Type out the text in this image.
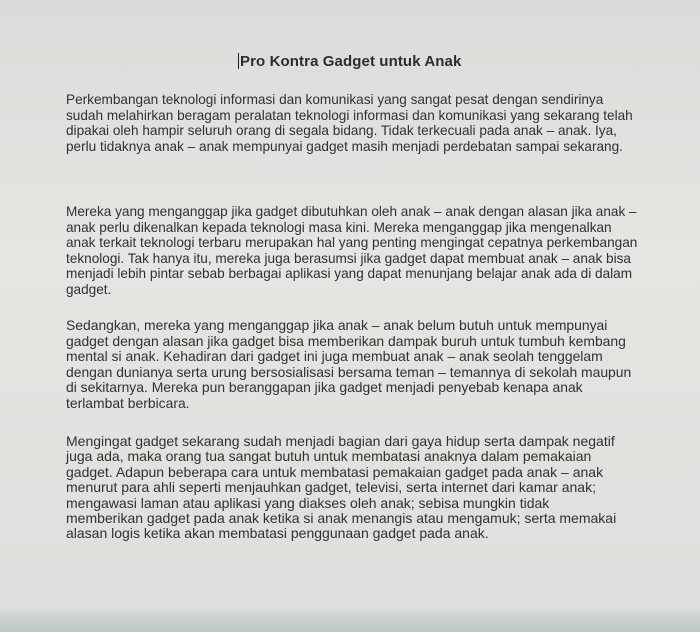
Pro Kontra Gadget untuk Anak

Perkembangan teknologi informasi dan komunikasi yang sangat pesat dengan sendirinya sudah melahirkan beragam peralatan teknologi informasi dan komunikasi yang sekarang telah dipakai oleh hampir seluruh orang di segala bidang. Tidak terkecuali pada anak – anak. Iya, perlu tidaknya anak – anak mempunyai gadget masih menjadi perdebatan sampai sekarang.

Mereka yang menganggap jika gadget dibutuhkan oleh anak – anak dengan alasan jika anak – anak perlu dikenalkan kepada teknologi masa kini. Mereka menganggap jika mengenalkan anak terkait teknologi terbaru merupakan hal yang penting mengingat cepatnya perkembangan teknologi. Tak hanya itu, mereka juga berasumsi jika gadget dapat membuat anak – anak bisa menjadi lebih pintar sebab berbagai aplikasi yang dapat menunjang belajar anak ada di dalam gadget.

Sedangkan, mereka yang menganggap jika anak – anak belum butuh untuk mempunyai gadget dengan alasan jika gadget bisa memberikan dampak buruh untuk tumbuh kembang mental si anak. Kehadiran dari gadget ini juga membuat anak – anak seolah tenggelam dengan dunianya serta urung bersosialisasi bersama teman – temannya di sekolah maupun di sekitarnya. Mereka pun beranggapan jika gadget menjadi penyebab kenapa anak terlambat berbicara.

Mengingat gadget sekarang sudah menjadi bagian dari gaya hidup serta dampak negatif juga ada, maka orang tua sangat butuh untuk membatasi anaknya dalam pemakaian gadget. Adapun beberapa cara untuk membatasi pemakaian gadget pada anak – anak menurut para ahli seperti menjauhkan gadget, televisi, serta internet dari kamar anak; mengawasi laman atau aplikasi yang diakses oleh anak; sebisa mungkin tidak memberikan gadget pada anak ketika si anak menangis atau mengamuk; serta memakai alasan logis ketika akan membatasi penggunaan gadget pada anak.
